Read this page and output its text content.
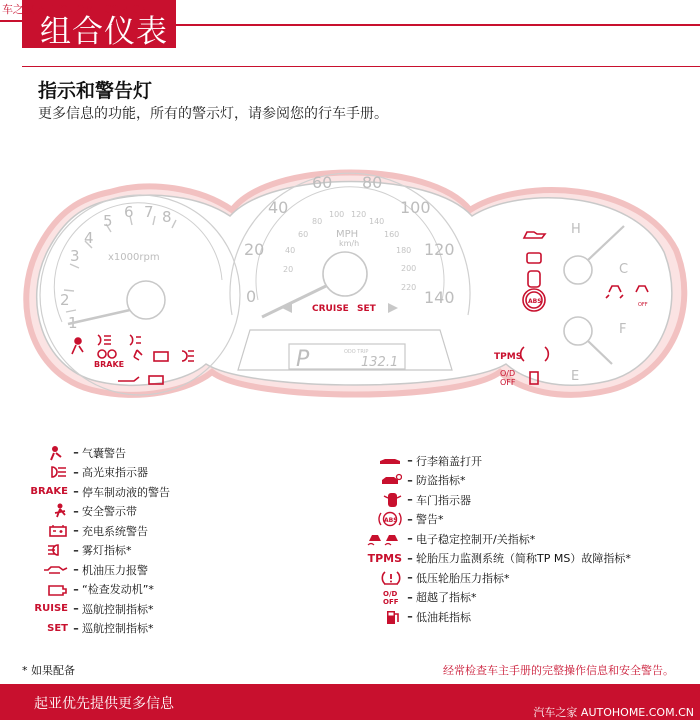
车之家 AUTOHOME.COM.CN
组合仪表
指示和警告灯
更多信息的功能，所有的警示灯，请参阅您的行车手册。
2
3
4
5 6 7 8
x1000rpm
BRAKE
0
20
40
60 80
100
120
140
20
40
60
80
100 120
140
160
180
200
220
MPH
km/h
CRUISE SET
P	ODO TRIP
132.1
H
C
F
E
ABS	OFF
TPMS
O/D
OFF
– 气囊警告
– 高光束指示器
BRAKE – 停车制动液的警告
– 安全警示带
– 充电系统警告
– 雾灯指标*
– 机油压力报警
– “检查发动机”*
RUISE – 巡航控制指标*
SET – 巡航控制指标*
– 行李箱盖打开
– 防盗指标*
– 车门指示器
ABS – 警告*
– 电子稳定控制开/关指标*
TPMS – 轮胎压力监测系统（简称TP MS）故障指标*
– 低压轮胎压力指标*
O/D
OFF – 超越了指标*
– 低油耗指标
* 如果配备	经常检查车主手册的完整操作信息和安全警告。
起亚优先提供更多信息
汽车之家 AUTOHOME.COM.CN
